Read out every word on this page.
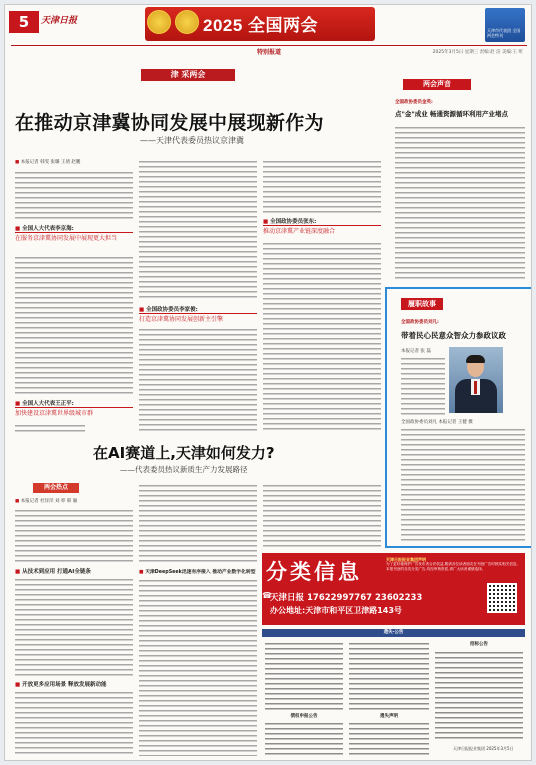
5	天津日报	2025 全国两会	天津市代表团 全国两会特刊
特别报道	2025年3月5日 星期三 责编:赵 洁 美编:王 昕
津 采两会
在推动京津冀协同发展中展现新作为
——天津代表委员热议京津冀
■ 本报记者 韩雯 张璐 王倩 赵鹏
■ 全国人大代表李京海:
在服务京津冀协同发展中展现更大担当
■ 全国人大代表王正平:
加快建设京津冀世界级城市群
■ 全国政协委员李家俊:
打造京津冀协同发展创新主引擎
■ 全国政协委员张东:
推动京津冀产业链深度融合
在AI赛道上,天津如何发力?
——代表委员热议新质生产力发展路径
两会热点
■ 本报记者 杜洋洋 刘 梓 韩 颖
■ 从技术到应用 打通AI全链条
■ 开放更多应用场景 释放发展新动能
■ 天津DeepSeek迅速有序接入 推动产业数字化转型
两会声音
全国政协委员金英:
点"金"成业 畅通资源循环利用产业堵点
履职故事
全国政协委员刘凡:
带着民心民意众智众力参政议政
本报记者 张 磊
全国政协委员刘凡 本报记者 王健 摄
分类信息
天津日报报业集团声明
为了更好地保护广告发布者合法权益,敬请各位读者朋友在刊登广告时核实相关信息,本报刊登的各类分类广告,均经审核资质,请广大读者谨慎选择。
☎
天津日报 17622997767 23602233
办公地址:天津市和平区卫津路143号
遗失·公告
债权申报公告	遗失声明
招标公告
天津日报报业集团 2025年3月5日
